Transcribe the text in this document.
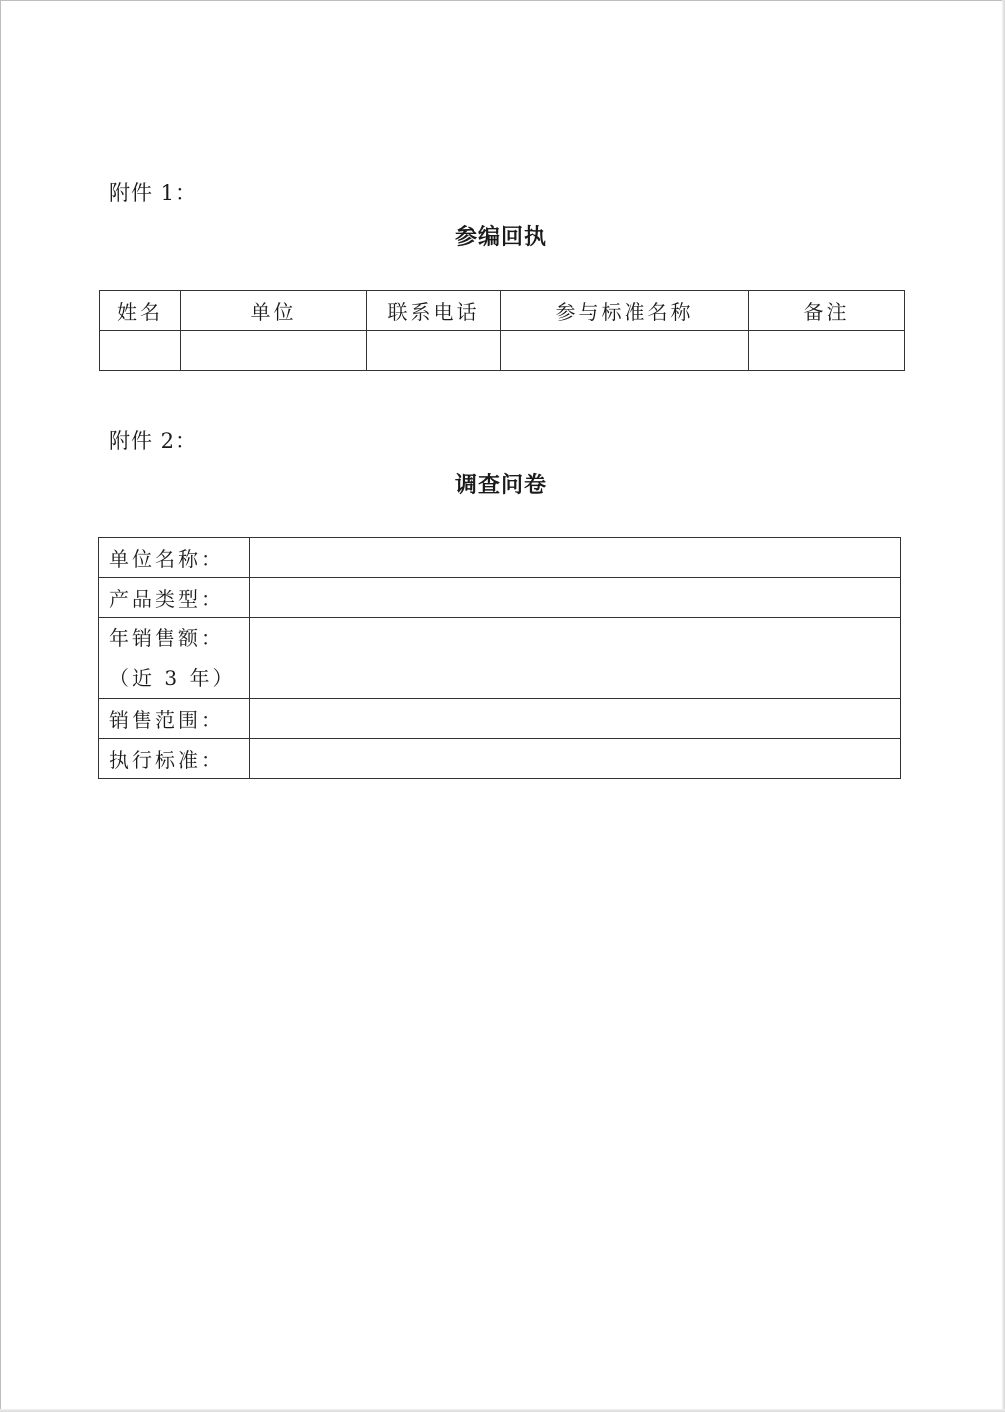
附件 1：
参编回执
姓名	单位	联系电话	参与标准名称	备注

附件 2：
调查问卷
单位名称：	
产品类型：	

年销售额：
（近 3 年）	

销售范围：	
执行标准：	
